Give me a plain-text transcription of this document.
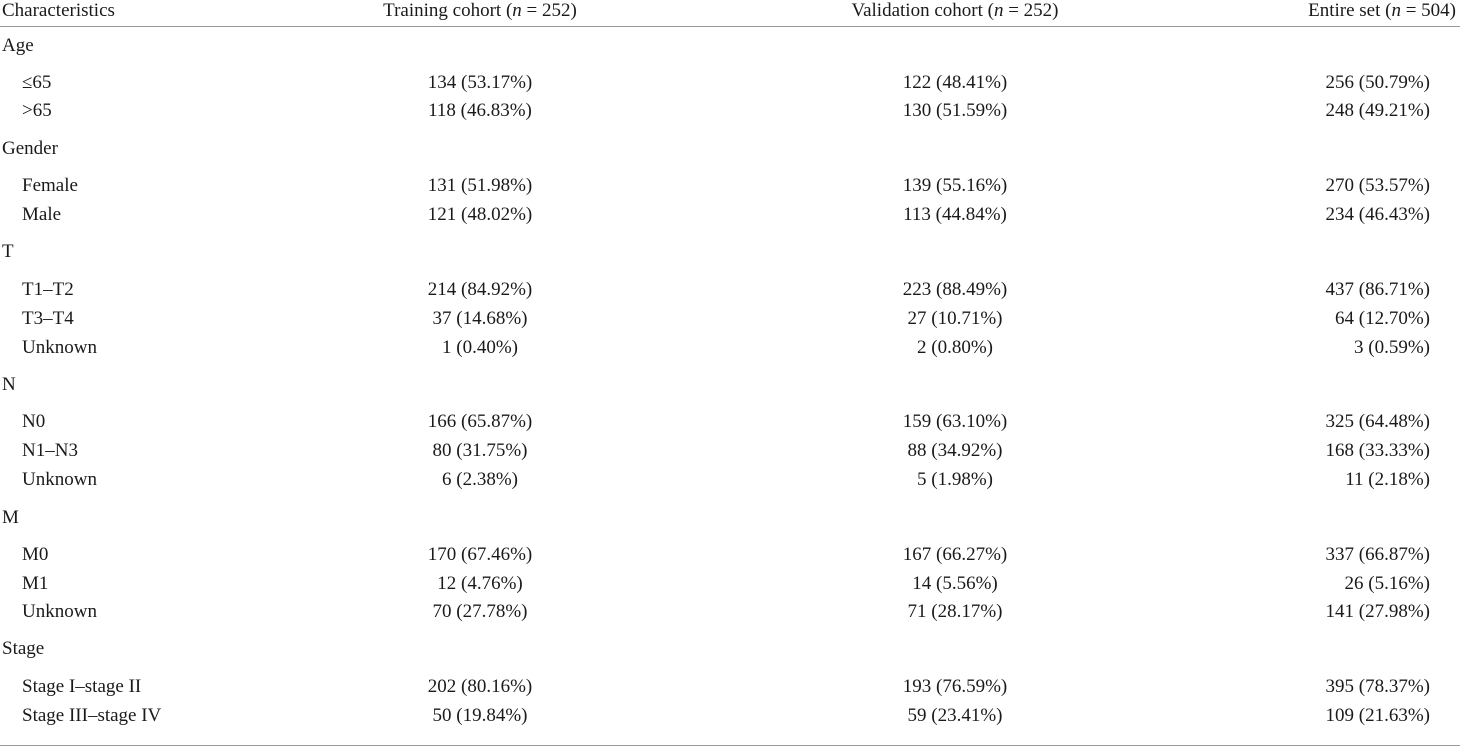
Characteristics	Training cohort (n = 252)	Validation cohort (n = 252)	Entire set (n = 504)
Age
≤65	134 (53.17%)	122 (48.41%)	256 (50.79%)
>65	118 (46.83%)	130 (51.59%)	248 (49.21%)
Gender
Female	131 (51.98%)	139 (55.16%)	270 (53.57%)
Male	121 (48.02%)	113 (44.84%)	234 (46.43%)
T
T1–T2	214 (84.92%)	223 (88.49%)	437 (86.71%)
T3–T4	37 (14.68%)	27 (10.71%)	64 (12.70%)
Unknown	1 (0.40%)	2 (0.80%)	3 (0.59%)
N
N0	166 (65.87%)	159 (63.10%)	325 (64.48%)
N1–N3	80 (31.75%)	88 (34.92%)	168 (33.33%)
Unknown	6 (2.38%)	5 (1.98%)	11 (2.18%)
M
M0	170 (67.46%)	167 (66.27%)	337 (66.87%)
M1	12 (4.76%)	14 (5.56%)	26 (5.16%)
Unknown	70 (27.78%)	71 (28.17%)	141 (27.98%)
Stage
Stage I–stage II	202 (80.16%)	193 (76.59%)	395 (78.37%)
Stage III–stage IV	50 (19.84%)	59 (23.41%)	109 (21.63%)
